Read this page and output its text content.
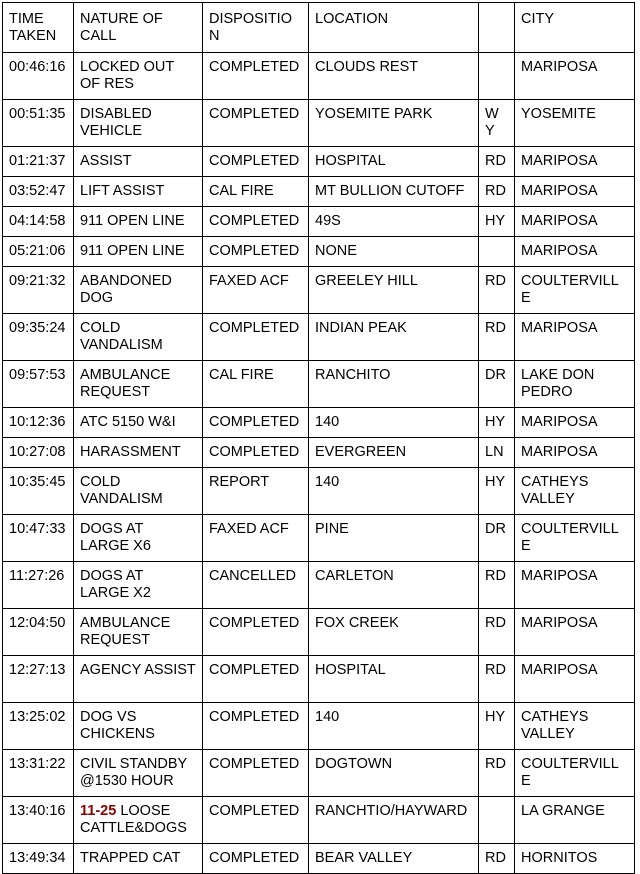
TIME TAKEN	NATURE OF CALL	DISPOSITION	LOCATION		CITY
00:46:16	LOCKED OUT OF RES	COMPLETED	CLOUDS REST		MARIPOSA
00:51:35	DISABLED VEHICLE	COMPLETED	YOSEMITE PARK	WY	YOSEMITE
01:21:37	ASSIST	COMPLETED	HOSPITAL	RD	MARIPOSA
03:52:47	LIFT ASSIST	CAL FIRE	MT BULLION CUTOFF	RD	MARIPOSA
04:14:58	911 OPEN LINE	COMPLETED	49S	HY	MARIPOSA
05:21:06	911 OPEN LINE	COMPLETED	NONE		MARIPOSA
09:21:32	ABANDONED DOG	FAXED ACF	GREELEY HILL	RD	COULTERVILLE
09:35:24	COLD VANDALISM	COMPLETED	INDIAN PEAK	RD	MARIPOSA
09:57:53	AMBULANCE REQUEST	CAL FIRE	RANCHITO	DR	LAKE DON PEDRO
10:12:36	ATC 5150 W&I	COMPLETED	140	HY	MARIPOSA
10:27:08	HARASSMENT	COMPLETED	EVERGREEN	LN	MARIPOSA
10:35:45	COLD VANDALISM	REPORT	140	HY	CATHEYS VALLEY
10:47:33	DOGS AT LARGE X6	FAXED ACF	PINE	DR	COULTERVILLE
11:27:26	DOGS AT LARGE X2	CANCELLED	CARLETON	RD	MARIPOSA
12:04:50	AMBULANCE REQUEST	COMPLETED	FOX CREEK	RD	MARIPOSA
12:27:13	AGENCY ASSIST	COMPLETED	HOSPITAL	RD	MARIPOSA
13:25:02	DOG VS CHICKENS	COMPLETED	140	HY	CATHEYS VALLEY
13:31:22	CIVIL STANDBY @1530 HOUR	COMPLETED	DOGTOWN	RD	COULTERVILLE
13:40:16	11-25 LOOSE CATTLE&DOGS	COMPLETED	RANCHTIO/HAYWARD		LA GRANGE
13:49:34	TRAPPED CAT	COMPLETED	BEAR VALLEY	RD	HORNITOS
